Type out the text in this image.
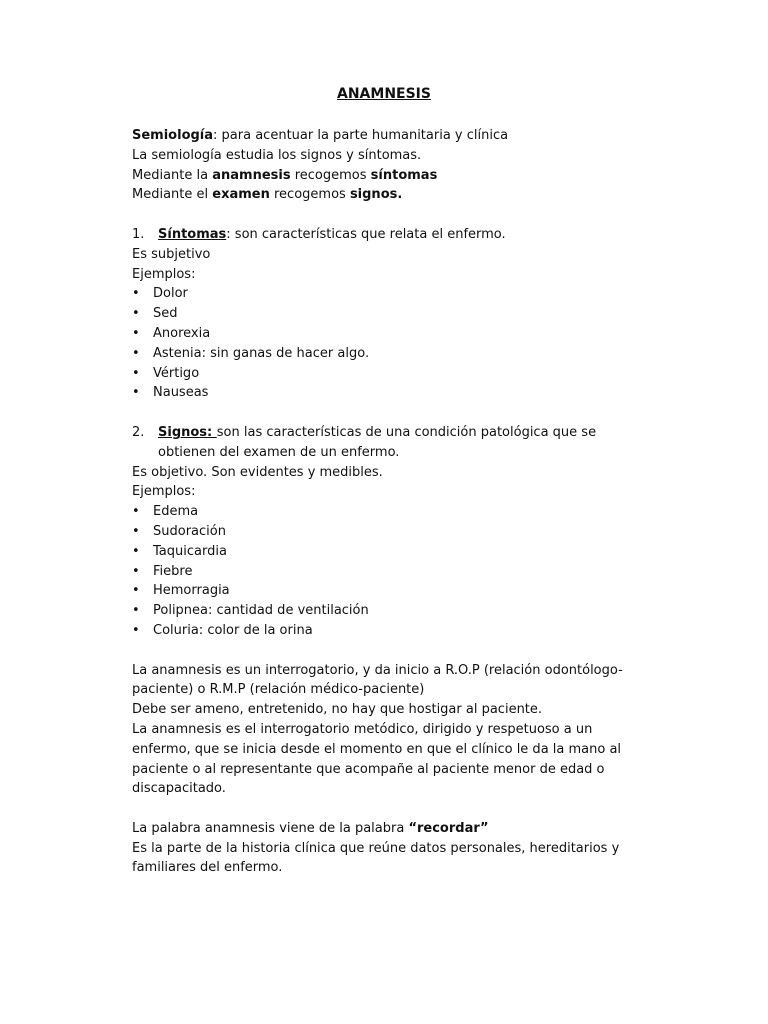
ANAMNESIS
Semiología: para acentuar la parte humanitaria y clínica
La semiología estudia los signos y síntomas.
Mediante la anamnesis recogemos síntomas
Mediante el examen recogemos signos.
1. Síntomas: son características que relata el enfermo.
Es subjetivo
Ejemplos:
• Dolor
• Sed
• Anorexia
• Astenia: sin ganas de hacer algo.
• Vértigo
• Nauseas
2. Signos: son las características de una condición patológica que se
obtienen del examen de un enfermo.
Es objetivo. Son evidentes y medibles.
Ejemplos:
• Edema
• Sudoración
• Taquicardia
• Fiebre
• Hemorragia
• Polipnea: cantidad de ventilación
• Coluria: color de la orina
La anamnesis es un interrogatorio, y da inicio a R.O.P (relación odontólogo-
paciente) o R.M.P (relación médico-paciente)
Debe ser ameno, entretenido, no hay que hostigar al paciente.
La anamnesis es el interrogatorio metódico, dirigido y respetuoso a un
enfermo, que se inicia desde el momento en que el clínico le da la mano al
paciente o al representante que acompañe al paciente menor de edad o
discapacitado.
La palabra anamnesis viene de la palabra “recordar”
Es la parte de la historia clínica que reúne datos personales, hereditarios y
familiares del enfermo.
